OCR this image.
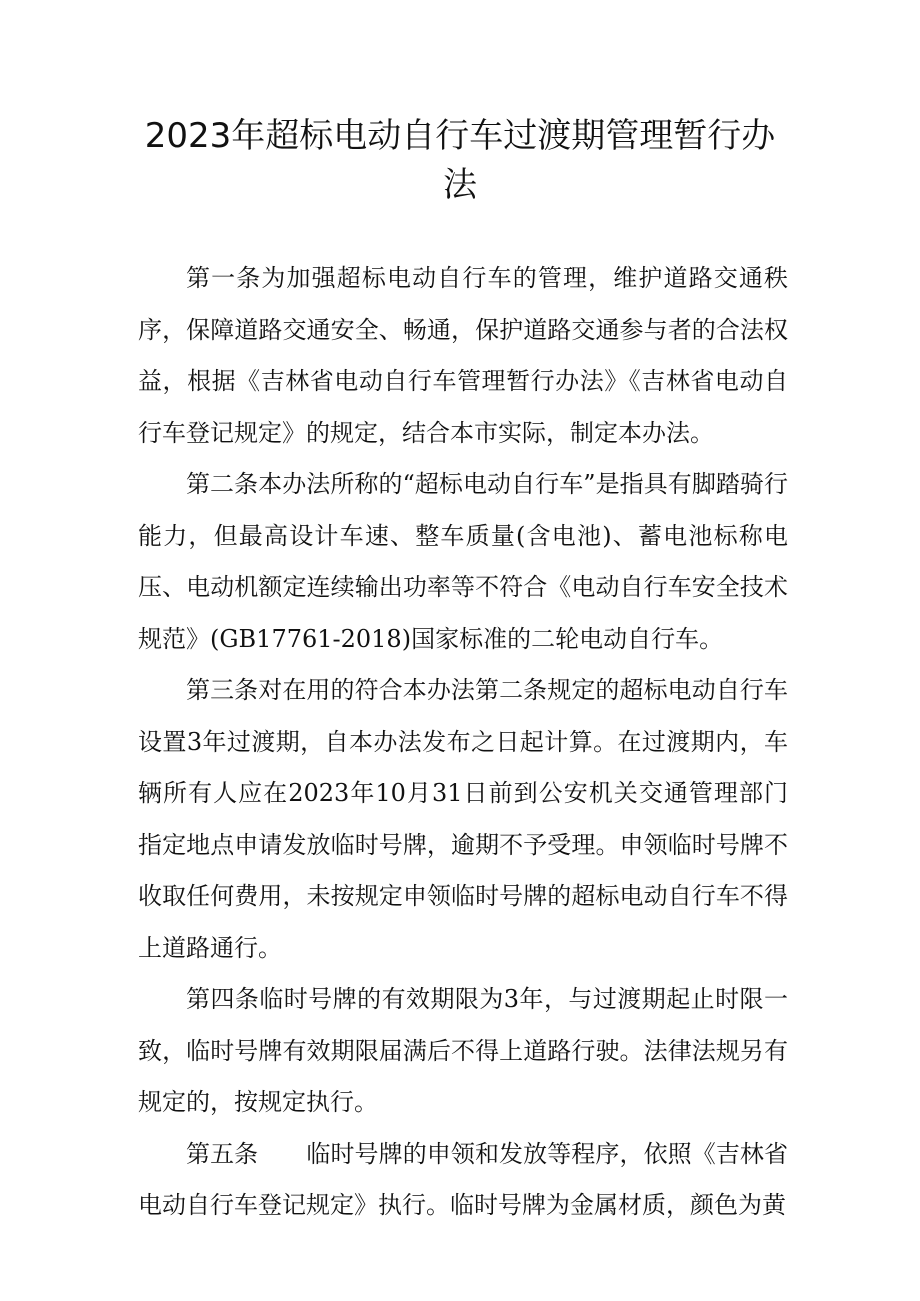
2023年超标电动自行车过渡期管理暂行办法

第一条为加强超标电动自行车的管理，维护道路交通秩序，保障道路交通安全、畅通，保护道路交通参与者的合法权益，根据《吉林省电动自行车管理暂行办法》《吉林省电动自行车登记规定》的规定，结合本市实际，制定本办法。

第二条本办法所称的“超标电动自行车”是指具有脚踏骑行能力，但最高设计车速、整车质量(含电池)、蓄电池标称电压、电动机额定连续输出功率等不符合《电动自行车安全技术规范》(GB17761-2018)国家标准的二轮电动自行车。

第三条对在用的符合本办法第二条规定的超标电动自行车设置3年过渡期，自本办法发布之日起计算。在过渡期内，车辆所有人应在2023年10月31日前到公安机关交通管理部门指定地点申请发放临时号牌，逾期不予受理。申领临时号牌不收取任何费用，未按规定申领临时号牌的超标电动自行车不得上道路通行。

第四条临时号牌的有效期限为3年，与过渡期起止时限一致，临时号牌有效期限届满后不得上道路行驶。法律法规另有规定的，按规定执行。

第五条 临时号牌的申领和发放等程序，依照《吉林省电动自行车登记规定》执行。临时号牌为金属材质，颜色为黄
